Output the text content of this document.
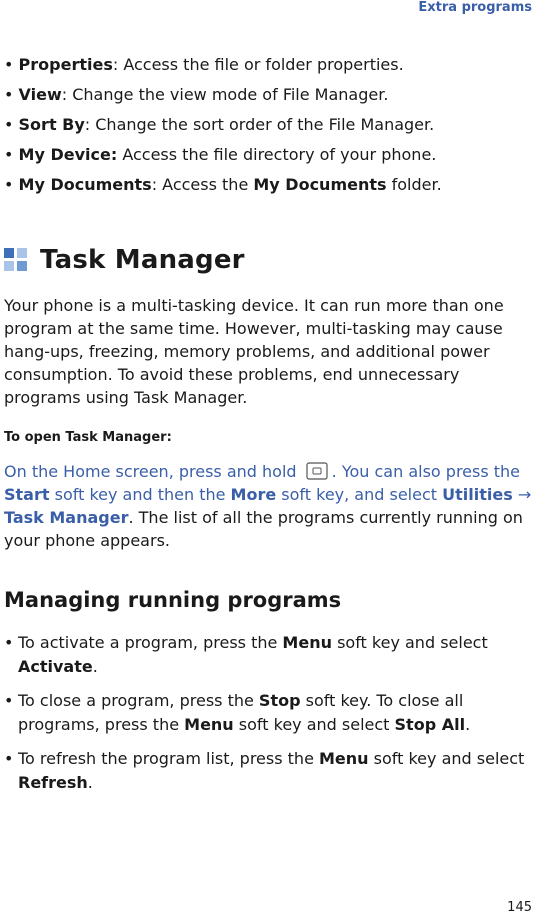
Extra programs
• Properties: Access the file or folder properties.
• View: Change the view mode of File Manager.
• Sort By: Change the sort order of the File Manager.
• My Device: Access the file directory of your phone.
• My Documents: Access the My Documents folder.
Task Manager
Your phone is a multi-tasking device. It can run more than one program at the same time. However, multi-tasking may cause hang-ups, freezing, memory problems, and additional power consumption. To avoid these problems, end unnecessary programs using Task Manager.
To open Task Manager:
On the Home screen, press and hold . You can also press the Start soft key and then the More soft key, and select Utilities → Task Manager. The list of all the programs currently running on your phone appears.
Managing running programs
• To activate a program, press the Menu soft key and select Activate.
• To close a program, press the Stop soft key. To close all programs, press the Menu soft key and select Stop All.
• To refresh the program list, press the Menu soft key and select Refresh.
145
